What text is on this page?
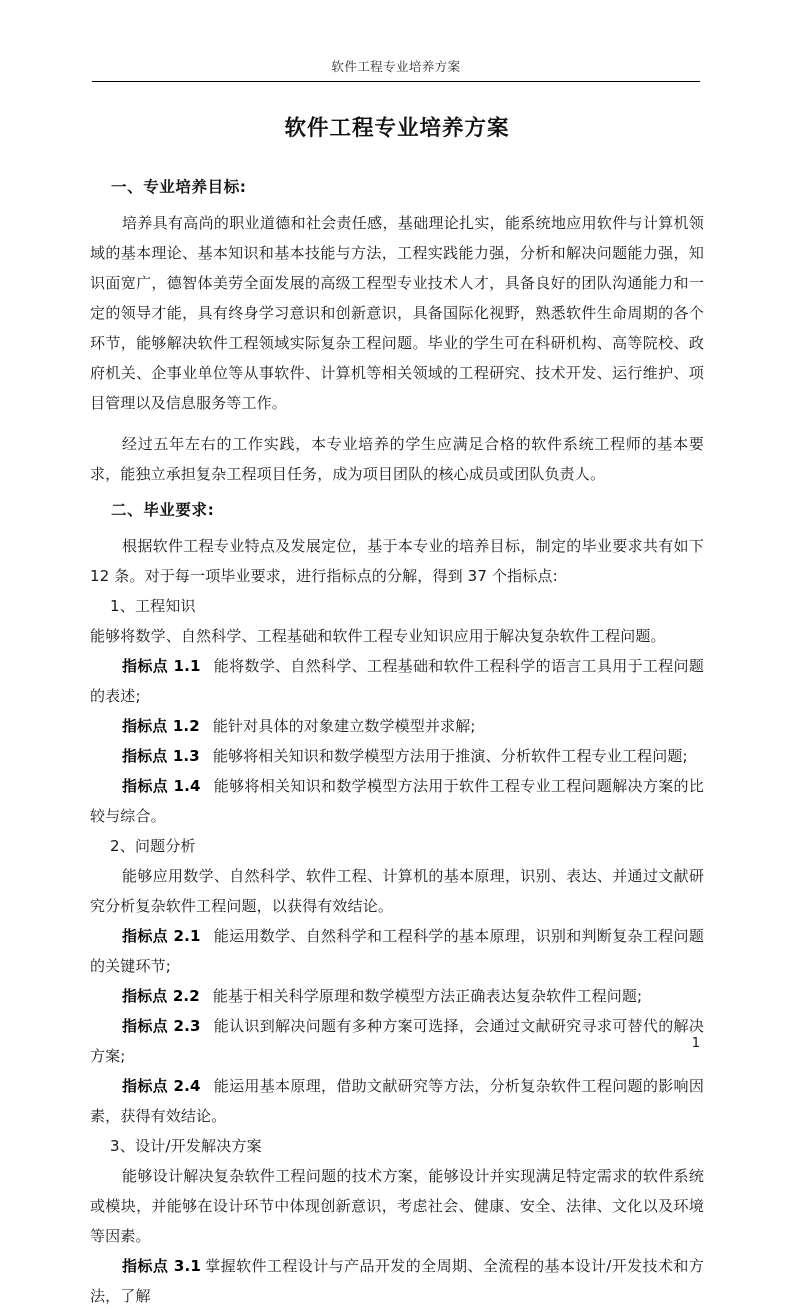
软件工程专业培养方案
软件工程专业培养方案

一、专业培养目标:

培养具有高尚的职业道德和社会责任感，基础理论扎实，能系统地应用软件与计算机领域的基本理论、基本知识和基本技能与方法，工程实践能力强，分析和解决问题能力强，知识面宽广，德智体美劳全面发展的高级工程型专业技术人才，具备良好的团队沟通能力和一定的领导才能，具有终身学习意识和创新意识，具备国际化视野，熟悉软件生命周期的各个环节，能够解决软件工程领域实际复杂工程问题。毕业的学生可在科研机构、高等院校、政府机关、企事业单位等从事软件、计算机等相关领域的工程研究、技术开发、运行维护、项目管理以及信息服务等工作。

经过五年左右的工作实践，本专业培养的学生应满足合格的软件系统工程师的基本要求，能独立承担复杂工程项目任务，成为项目团队的核心成员或团队负责人。

二、毕业要求:

根据软件工程专业特点及发展定位，基于本专业的培养目标，制定的毕业要求共有如下 12 条。对于每一项毕业要求，进行指标点的分解，得到 37 个指标点:

1、工程知识

能够将数学、自然科学、工程基础和软件工程专业知识应用于解决复杂软件工程问题。

指标点 1.1 能将数学、自然科学、工程基础和软件工程科学的语言工具用于工程问题的表述;

指标点 1.2 能针对具体的对象建立数学模型并求解;

指标点 1.3 能够将相关知识和数学模型方法用于推演、分析软件工程专业工程问题;

指标点 1.4 能够将相关知识和数学模型方法用于软件工程专业工程问题解决方案的比较与综合。

2、问题分析

能够应用数学、自然科学、软件工程、计算机的基本原理，识别、表达、并通过文献研究分析复杂软件工程问题，以获得有效结论。

指标点 2.1 能运用数学、自然科学和工程科学的基本原理，识别和判断复杂工程问题的关键环节;

指标点 2.2 能基于相关科学原理和数学模型方法正确表达复杂软件工程问题;

指标点 2.3 能认识到解决问题有多种方案可选择，会通过文献研究寻求可替代的解决方案;

指标点 2.4 能运用基本原理，借助文献研究等方法，分析复杂软件工程问题的影响因素，获得有效结论。

3、设计/开发解决方案

能够设计解决复杂软件工程问题的技术方案，能够设计并实现满足特定需求的软件系统或模块，并能够在设计环节中体现创新意识，考虑社会、健康、安全、法律、文化以及环境等因素。

指标点 3.1 掌握软件工程设计与产品开发的全周期、全流程的基本设计/开发技术和方法，了解

1
